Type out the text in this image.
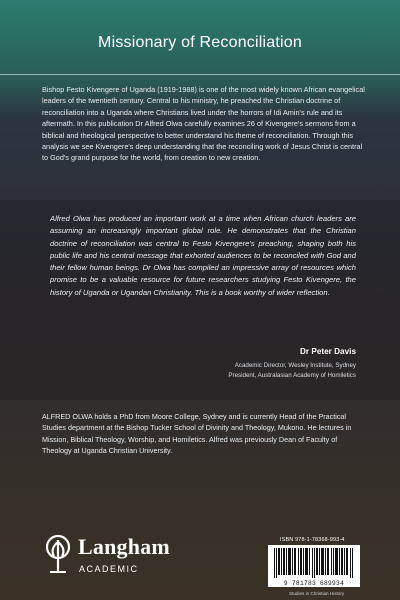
Missionary of Reconciliation
Bishop Festo Kivengere of Uganda (1919-1988) is one of the most widely known African evangelical leaders of the twentieth century. Central to his ministry, he preached the Christian doctrine of reconciliation into a Uganda where Christians lived under the horrors of Idi Amin's rule and its aftermath. In this publication Dr Alfred Olwa carefully examines 26 of Kivengere's sermons from a biblical and theological perspective to better understand his theme of reconciliation. Through this analysis we see Kivengere's deep understanding that the reconciling work of Jesus Christ is central to God's grand purpose for the world, from creation to new creation.
Alfred Olwa has produced an important work at a time when African church leaders are assuming an increasingly important global role. He demonstrates that the Christian doctrine of reconciliation was central to Festo Kivengere's preaching, shaping both his public life and his central message that exhorted audiences to be reconciled with God and their fellow human beings. Dr Olwa has compiled an impressive array of resources which promise to be a valuable resource for future researchers studying Festo Kivengere, the history of Uganda or Ugandan Christianity. This is a book worthy of wider reflection.
Dr Peter Davis
Academic Director, Wesley Institute, Sydney
President, Australasian Academy of Homiletics
ALFRED OLWA holds a PhD from Moore College, Sydney and is currently Head of the Practical Studies department at the Bishop Tucker School of Divinity and Theology, Mukono. He lectures in Mission, Biblical Theology, Worship, and Homiletics. Alfred was previously Dean of Faculty of Theology at Uganda Christian University.
Langham
ACADEMIC
ISBN 978-1-78368-993-4
9 781783 689934
Studies in Christian History
